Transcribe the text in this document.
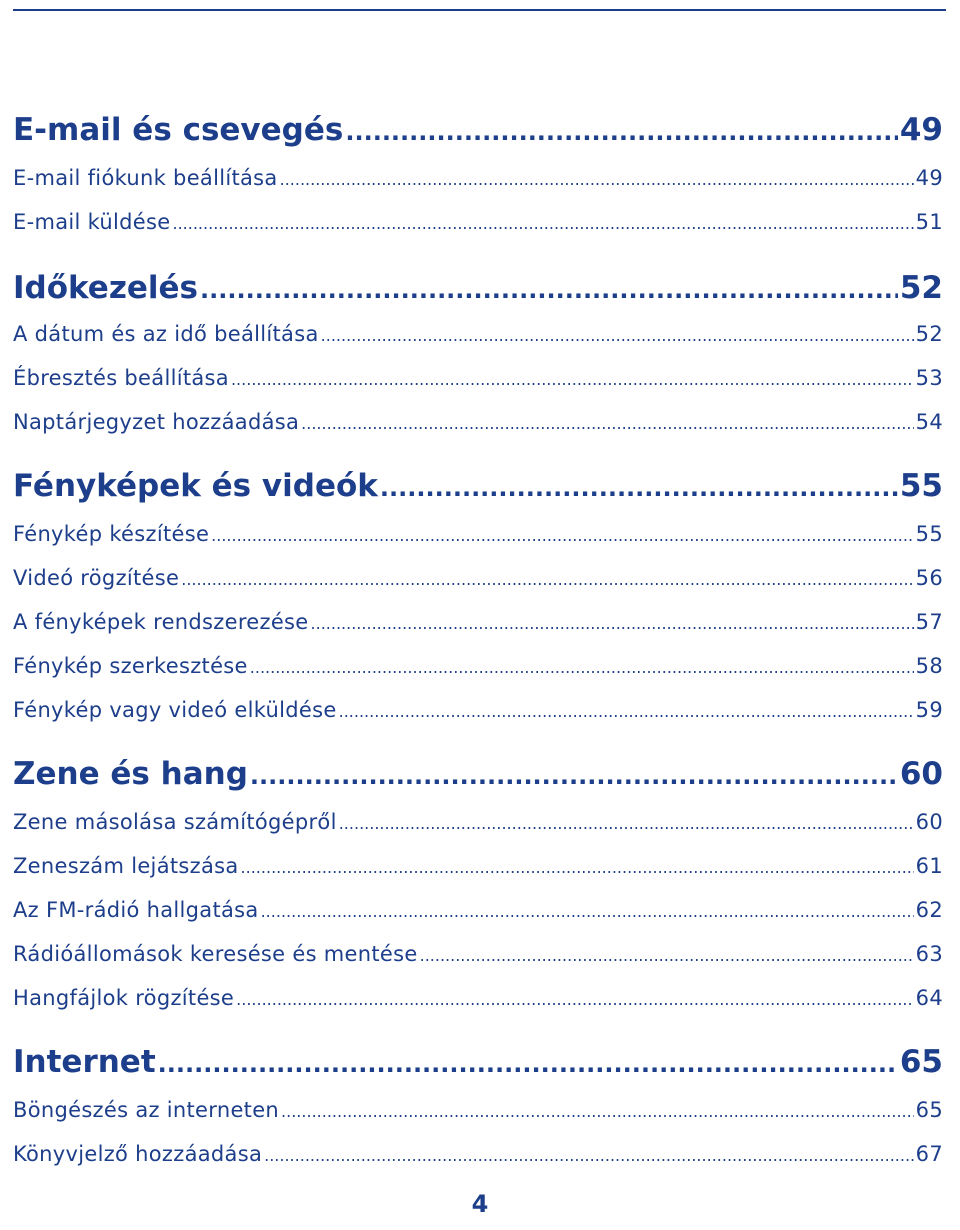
E-mail és csevegés .....	49
E-mail fiókunk beállítása .....	49
E-mail küldése .....	51
Időkezelés .....	52
A dátum és az idő beállítása .....	52
Ébresztés beállítása .....	53
Naptárjegyzet hozzáadása .....	54
Fényképek és videók .....	55
Fénykép készítése .....	55
Videó rögzítése .....	56
A fényképek rendszerezése .....	57
Fénykép szerkesztése .....	58
Fénykép vagy videó elküldése .....	59
Zene és hang .....	60
Zene másolása számítógépről .....	60
Zeneszám lejátszása .....	61
Az FM-rádió hallgatása .....	62
Rádióállomások keresése és mentése .....	63
Hangfájlok rögzítése .....	64
Internet .....	65
Böngészés az interneten .....	65
Könyvjelző hozzáadása .....	67
4
